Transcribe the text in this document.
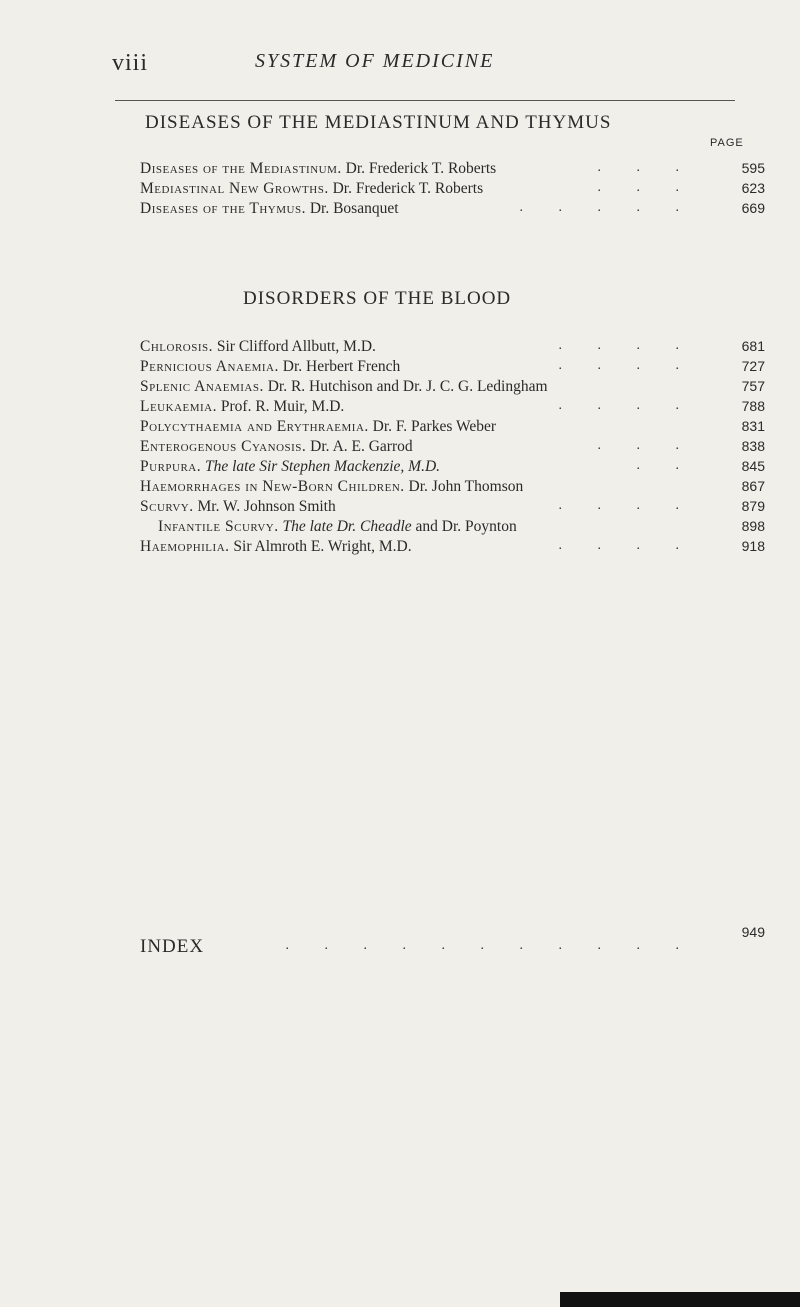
viii	SYSTEM OF MEDICINE
DISEASES OF THE MEDIASTINUM AND THYMUS
PAGE
Diseases of the Mediastinum. Dr. Frederick T. Roberts	. . .	595
Mediastinal New Growths. Dr. Frederick T. Roberts	. . .	623
Diseases of the Thymus. Dr. Bosanquet	. . . . .	669
DISORDERS OF THE BLOOD
Chlorosis. Sir Clifford Allbutt, M.D.	. . . .	681
Pernicious Anaemia. Dr. Herbert French	. . . .	727
Splenic Anaemias. Dr. R. Hutchison and Dr. J. C. G. Ledingham	757
Leukaemia. Prof. R. Muir, M.D.	. . . .	788
Polycythaemia and Erythraemia. Dr. F. Parkes Weber	831
Enterogenous Cyanosis. Dr. A. E. Garrod	. . .	838
Purpura. The late Sir Stephen Mackenzie, M.D.	. .	845
Haemorrhages in New-Born Children. Dr. John Thomson	867
Scurvy. Mr. W. Johnson Smith	. . . .	879
Infantile Scurvy. The late Dr. Cheadle and Dr. Poynton	898
Haemophilia. Sir Almroth E. Wright, M.D.	. . . .	918
INDEX	. . . . . . . . . . .
949
